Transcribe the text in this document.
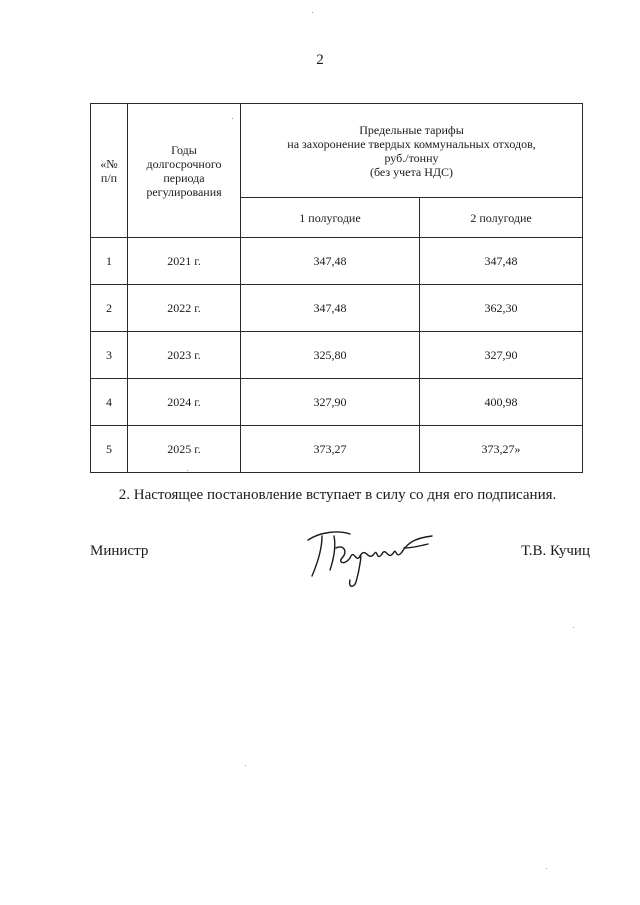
2
«№
п/п	Годы
долгосрочного
периода
регулирования	Предельные тарифы
на захоронение твердых коммунальных отходов,
руб./тонну
(без учета НДС)	
		1 полугодие	2 полугодие
1	2021 г.	347,48	347,48
2	2022 г.	347,48	362,30
3	2023 г.	325,80	327,90
4	2024 г.	327,90	400,98
5	2025 г.	373,27	373,27»
2. Настоящее постановление вступает в силу со дня его подписания.
Министр	Т.В. Кучиц
